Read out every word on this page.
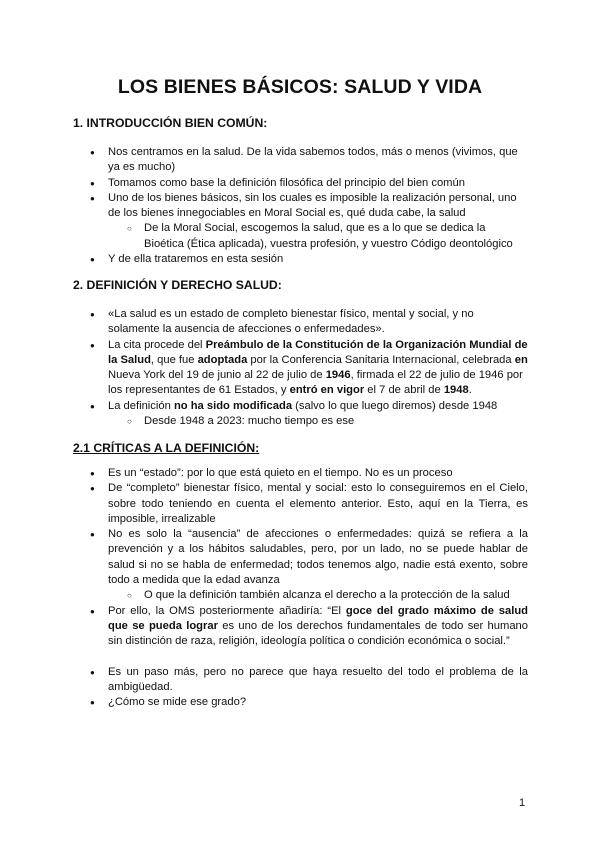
LOS BIENES BÁSICOS: SALUD Y VIDA
1. INTRODUCCIÓN BIEN COMÚN:
● Nos centramos en la salud. De la vida sabemos todos, más o menos (vivimos, que ya es mucho)
● Tomamos como base la definición filosófica del principio del bien común
● Uno de los bienes básicos, sin los cuales es imposible la realización personal, uno de los bienes innegociables en Moral Social es, qué duda cabe, la salud
○ De la Moral Social, escogemos la salud, que es a lo que se dedica la Bioética (Ética aplicada), vuestra profesión, y vuestro Código deontológico
● Y de ella trataremos en esta sesión
2. DEFINICIÓN Y DERECHO SALUD:
● «La salud es un estado de completo bienestar físico, mental y social, y no solamente la ausencia de afecciones o enfermedades».
● La cita procede del Preámbulo de la Constitución de la Organización Mundial de la Salud, que fue adoptada por la Conferencia Sanitaria Internacional, celebrada en Nueva York del 19 de junio al 22 de julio de 1946, firmada el 22 de julio de 1946 por los representantes de 61 Estados, y entró en vigor el 7 de abril de 1948.
● La definición no ha sido modificada (salvo lo que luego diremos) desde 1948
○ Desde 1948 a 2023: mucho tiempo es ese
2.1 CRÍTICAS A LA DEFINICIÓN:
● Es un “estado”: por lo que está quieto en el tiempo. No es un proceso
● De “completo” bienestar físico, mental y social: esto lo conseguiremos en el Cielo, sobre todo teniendo en cuenta el elemento anterior. Esto, aquí en la Tierra, es imposible, irrealizable
● No es solo la “ausencia” de afecciones o enfermedades: quizá se refiera a la prevención y a los hábitos saludables, pero, por un lado, no se puede hablar de salud si no se habla de enfermedad; todos tenemos algo, nadie está exento, sobre todo a medida que la edad avanza
○ O que la definición también alcanza el derecho a la protección de la salud
● Por ello, la OMS posteriormente añadiría: “El goce del grado máximo de salud que se pueda lograr es uno de los derechos fundamentales de todo ser humano sin distinción de raza, religión, ideología política o condición económica o social.”
● Es un paso más, pero no parece que haya resuelto del todo el problema de la ambigüedad.
● ¿Cómo se mide ese grado?
1
